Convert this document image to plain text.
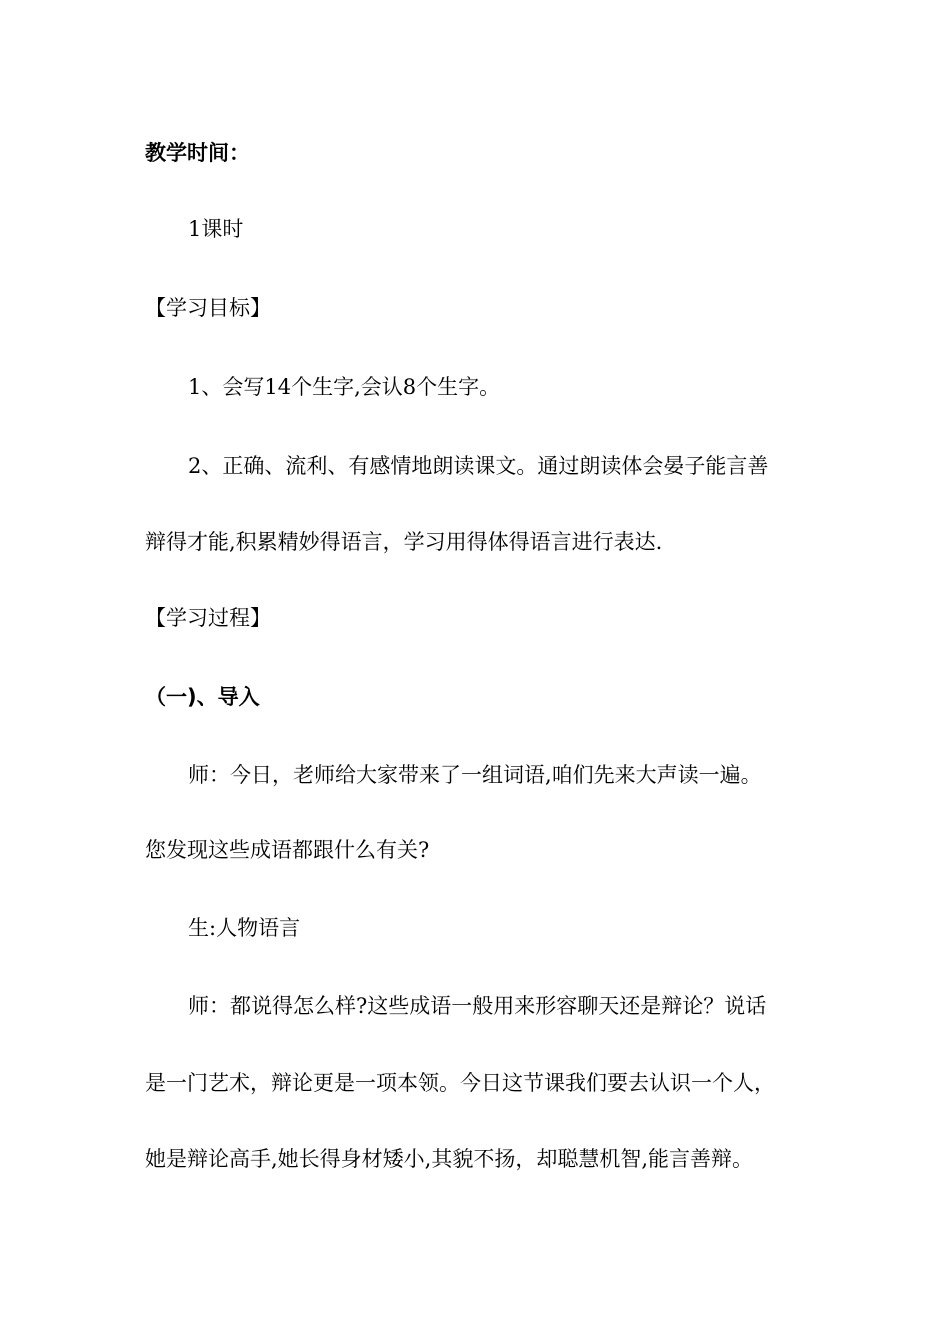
教学时间：
1课时
【学习目标】
1、会写14个生字,会认8个生字。
2、正确、流利、有感情地朗读课文。通过朗读体会晏子能言善
辩得才能,积累精妙得语言，学习用得体得语言进行表达.
【学习过程】
（一)、导入
师：今日，老师给大家带来了一组词语,咱们先来大声读一遍。
您发现这些成语都跟什么有关?
生:人物语言
师：都说得怎么样?这些成语一般用来形容聊天还是辩论？说话
是一门艺术，辩论更是一项本领。今日这节课我们要去认识一个人，
她是辩论高手,她长得身材矮小,其貌不扬，却聪慧机智,能言善辩。
